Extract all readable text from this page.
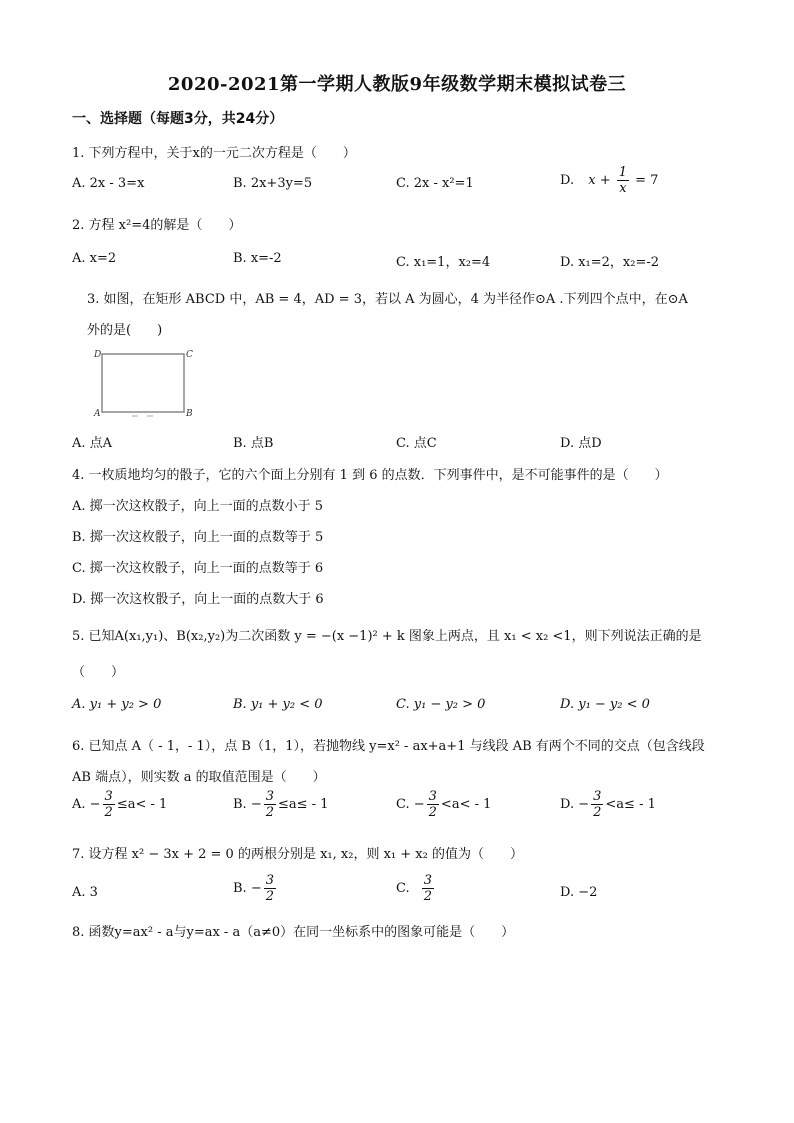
2020-2021第一学期人教版9年级数学期末模拟试卷三
一、选择题（每题3分，共24分）
1. 下列方程中，关于x的一元二次方程是（　　）
A. 2x - 3=x	B. 2x+3y=5	C. 2x - x²=1	D. $x + \frac{1}{x} = 7$
2. 方程 x²=4的解是（　　）
A. x=2	B. x=-2	C. x₁=1，x₂=4	D. x₁=2，x₂=-2
3. 如图，在矩形 ABCD 中，AB = 4，AD = 3，若以 A 为圆心，4 为半径作⊙A .下列四个点中，在⊙A
外的是(　　)
D	C
A	B
A. 点A	B. 点B	C. 点C	D. 点D
4. 一枚质地均匀的骰子，它的六个面上分别有 1 到 6 的点数．下列事件中，是不可能事件的是（　　）
A. 掷一次这枚骰子，向上一面的点数小于 5
B. 掷一次这枚骰子，向上一面的点数等于 5
C. 掷一次这枚骰子，向上一面的点数等于 6
D. 掷一次这枚骰子，向上一面的点数大于 6
5. 已知A(x₁,y₁)、B(x₂,y₂)为二次函数 y = −(x −1)² + k 图象上两点，且 x₁ < x₂ <1，则下列说法正确的是
（　　）
A. y₁ + y₂ > 0	B. y₁ + y₂ < 0	C. y₁ − y₂ > 0	D. y₁ − y₂ < 0
6. 已知点 A（ - 1，- 1），点 B（1，1），若抛物线 y=x² - ax+a+1 与线段 AB 有两个不同的交点（包含线段
AB 端点），则实数 a 的取值范围是（　　）
A. − $\frac{3}{2} \le a< - 1$	B. − $\frac{3}{2} \le a\le - 1$	C. − $\frac{3}{2} <a< - 1$	D. − $\frac{3}{2} <a\le - 1$
7. 设方程 x² − 3x + 2 = 0 的两根分别是 x₁, x₂，则 x₁ + x₂ 的值为（　　）
A. 3	B. − $\frac{3}{2}$	C. $\frac{3}{2}$	D. −2
8. 函数y=ax² - a与y=ax - a（a≠0）在同一坐标系中的图象可能是（　　）
